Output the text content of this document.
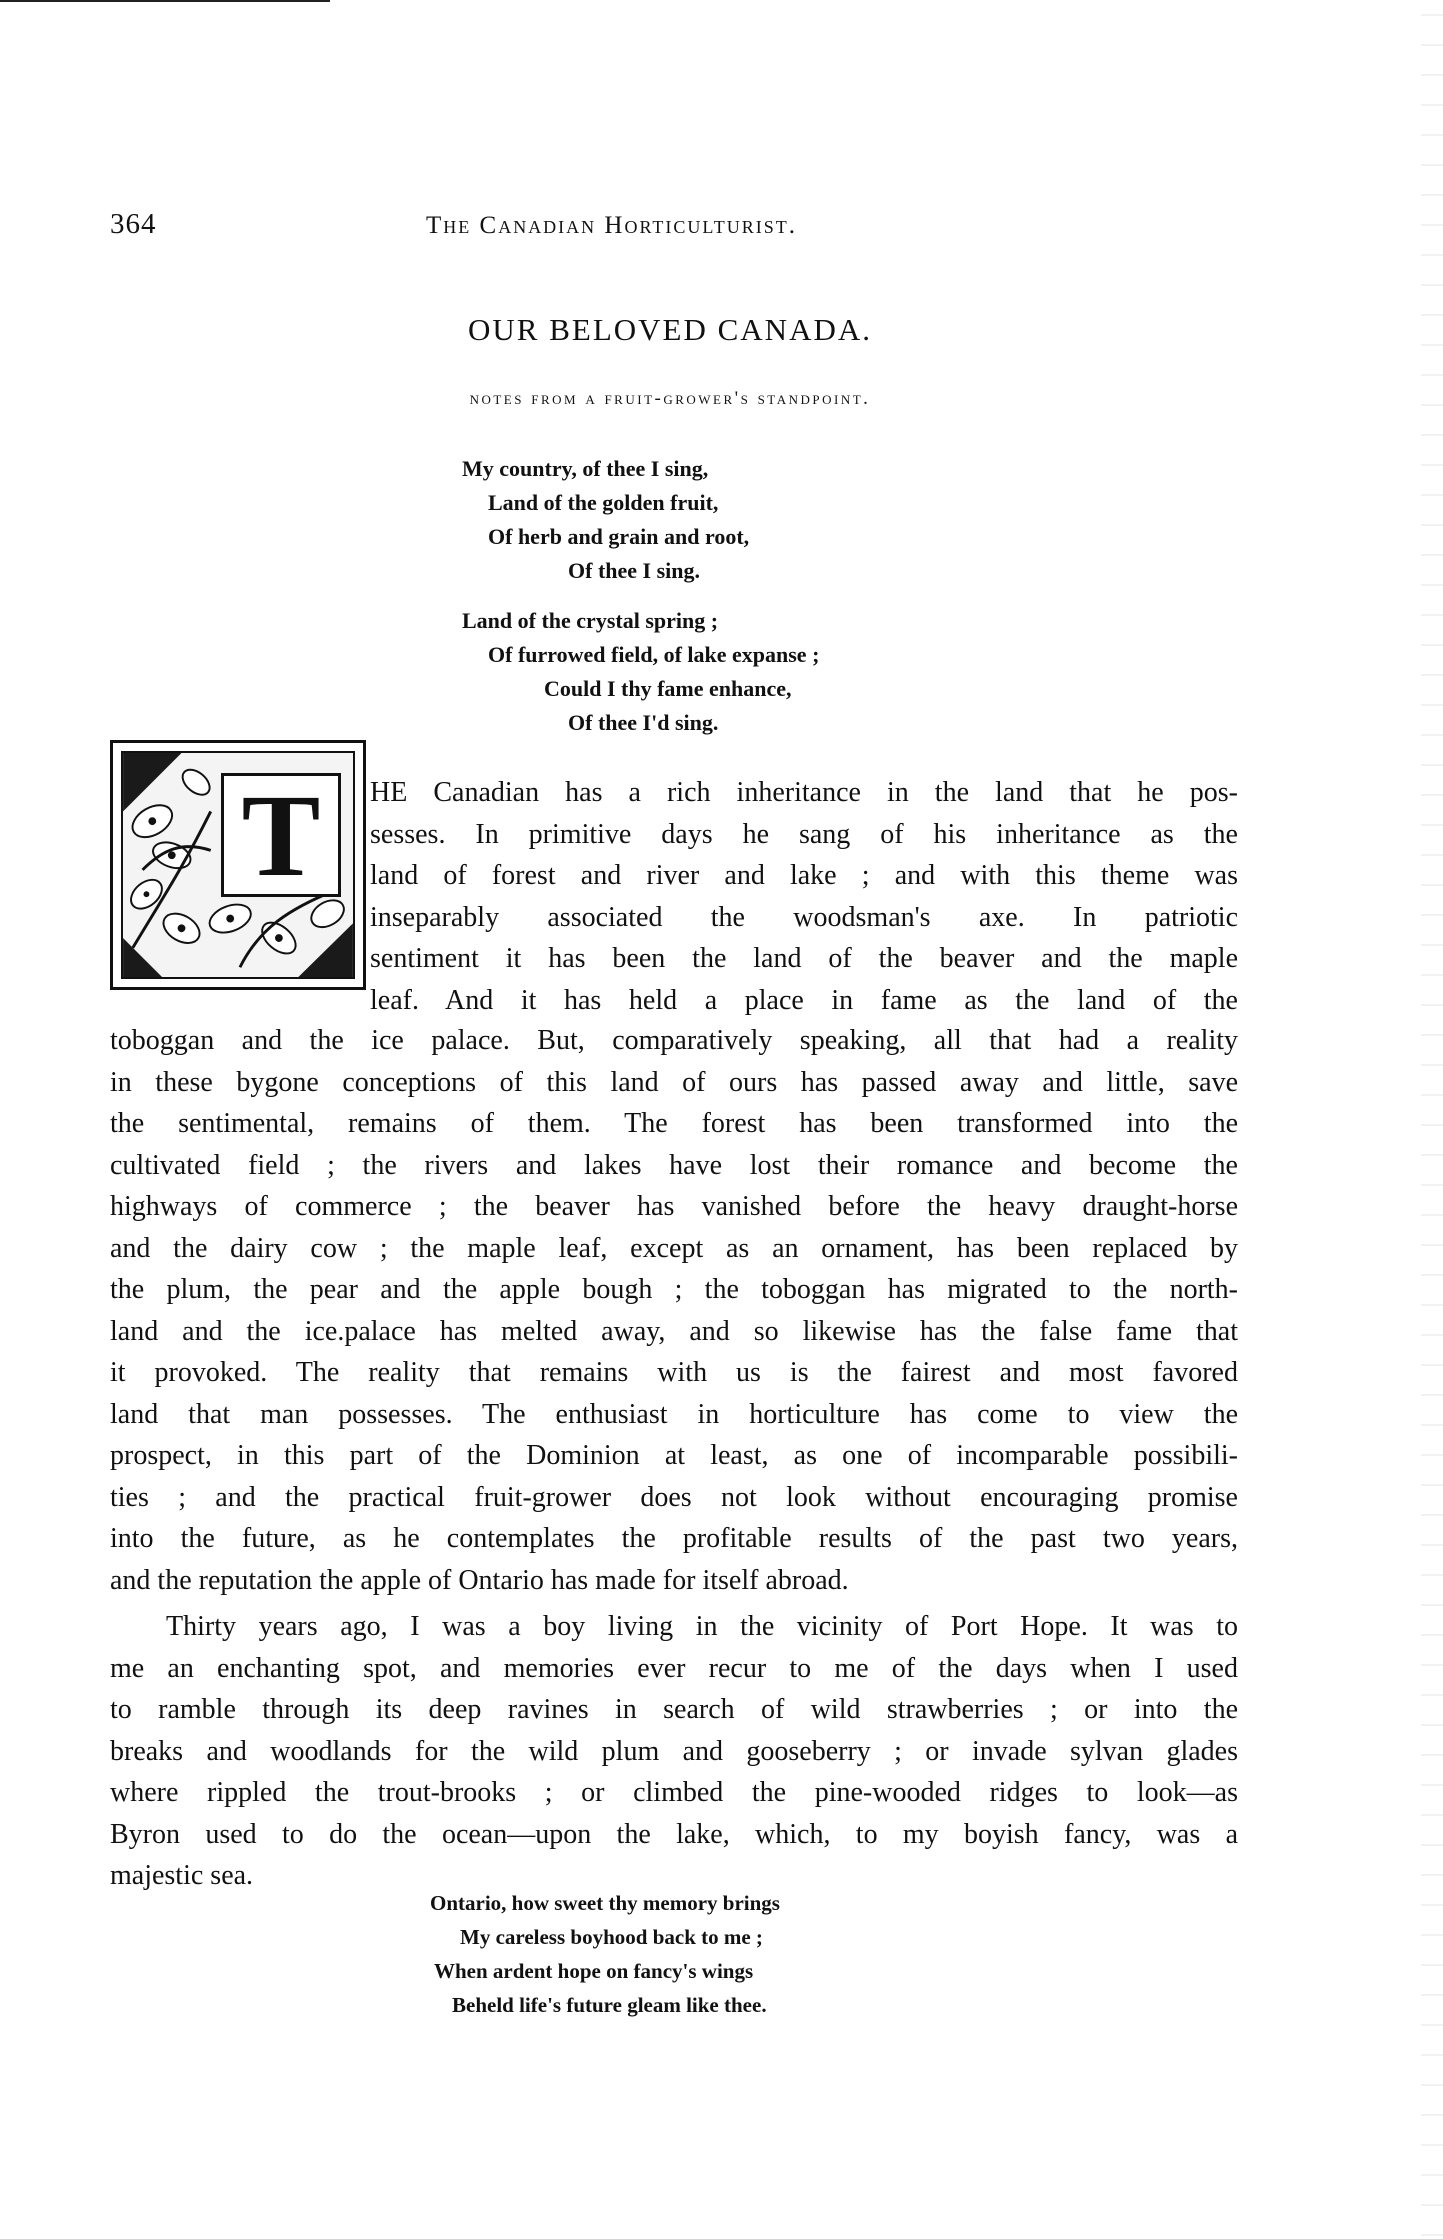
364	The Canadian Horticulturist.
OUR BELOVED CANADA.
notes from a fruit-grower's standpoint.
My country, of thee I sing,
Land of the golden fruit,
Of herb and grain and root,
Of thee I sing.
Land of the crystal spring ;
Of furrowed field, of lake expanse ;
Could I thy fame enhance,
Of thee I'd sing.
T	HE Canadian has a rich inheritance in the land that he pos-
sesses. In primitive days he sang of his inheritance as the
land of forest and river and lake ; and with this theme was
inseparably associated the woodsman's axe. In patriotic
sentiment it has been the land of the beaver and the maple
leaf. And it has held a place in fame as the land of the
toboggan and the ice palace. But, comparatively speaking, all that had a reality
in these bygone conceptions of this land of ours has passed away and little, save
the sentimental, remains of them. The forest has been transformed into the
cultivated field ; the rivers and lakes have lost their romance and become the
highways of commerce ; the beaver has vanished before the heavy draught-horse
and the dairy cow ; the maple leaf, except as an ornament, has been replaced by
the plum, the pear and the apple bough ; the toboggan has migrated to the north-
land and the ice.palace has melted away, and so likewise has the false fame that
it provoked. The reality that remains with us is the fairest and most favored
land that man possesses. The enthusiast in horticulture has come to view the
prospect, in this part of the Dominion at least, as one of incomparable possibili-
ties ; and the practical fruit-grower does not look without encouraging promise
into the future, as he contemplates the profitable results of the past two years,
and the reputation the apple of Ontario has made for itself abroad.
Thirty years ago, I was a boy living in the vicinity of Port Hope. It was to
me an enchanting spot, and memories ever recur to me of the days when I used
to ramble through its deep ravines in search of wild strawberries ; or into the
breaks and woodlands for the wild plum and gooseberry ; or invade sylvan glades
where rippled the trout-brooks ; or climbed the pine-wooded ridges to look—as
Byron used to do the ocean—upon the lake, which, to my boyish fancy, was a
majestic sea.
Ontario, how sweet thy memory brings
My careless boyhood back to me ;
When ardent hope on fancy's wings
Beheld life's future gleam like thee.
